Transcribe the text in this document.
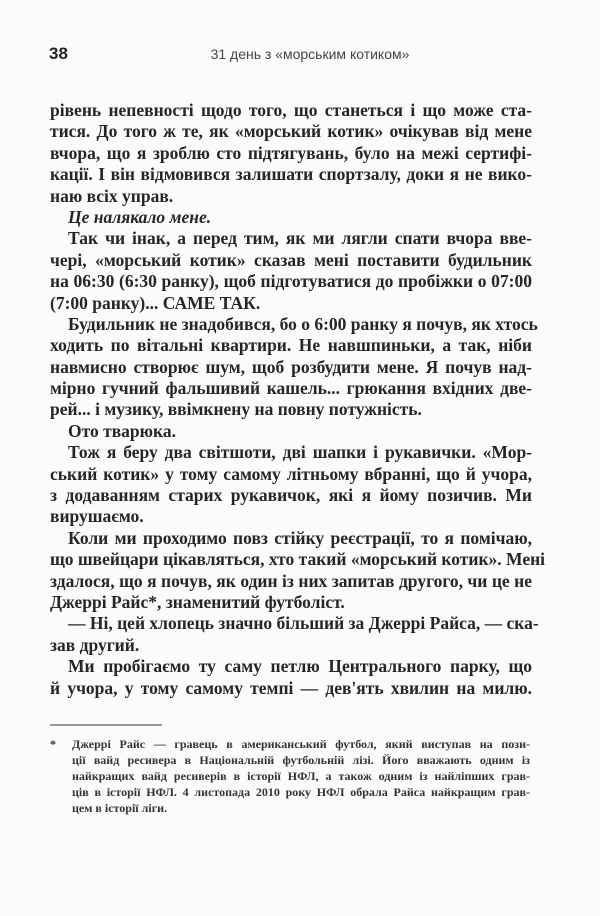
38	31 день з «морським котиком»
рівень непевності щодо того, що станеться і що може ста-
тися. До того ж те, як «морський котик» очікував від мене
вчора, що я зроблю сто підтягувань, було на межі сертифі-
кації. І він відмовився залишати спортзалу, доки я не вико-
наю всіх управ.
Це налякало мене.
Так чи інак, а перед тим, як ми лягли спати вчора вве-
чері, «морський котик» сказав мені поставити будильник
на 06:30 (6:30 ранку), щоб підготуватися до пробіжки о 07:00
(7:00 ранку)... САМЕ ТАК.
Будильник не знадобився, бо о 6:00 ранку я почув, як хтось
ходить по вітальні квартири. Не навшпиньки, а так, ніби
навмисно створює шум, щоб розбудити мене. Я почув над-
мірно гучний фальшивий кашель... грюкання вхідних две-
рей... і музику, ввімкнену на повну потужність.
Ото тварюка.
Тож я беру два світшоти, дві шапки і рукавички. «Мор-
ський котик» у тому самому літньому вбранні, що й учора,
з додаванням старих рукавичок, які я йому позичив. Ми
вирушаємо.
Коли ми проходимо повз стійку реєстрації, то я помічаю,
що швейцари цікавляться, хто такий «морський котик». Мені
здалося, що я почув, як один із них запитав другого, чи це не
Джеррі Райс*, знаменитий футболіст.
— Ні, цей хлопець значно більший за Джеррі Райса, — ска-
зав другий.
Ми пробігаємо ту саму петлю Центрального парку, що
й учора, у тому самому темпі — дев'ять хвилин на милю.
*	Джеррі Райс — гравець в американський футбол, який виступав на пози-
ції вайд ресивера в Національній футбольній лізі. Його вважають одним із
найкращих вайд ресиверів в історії НФЛ, а також одним із найліпших грав-
ців в історії НФЛ. 4 листопада 2010 року НФЛ обрала Райса найкращим грав-
цем в історії ліги.
